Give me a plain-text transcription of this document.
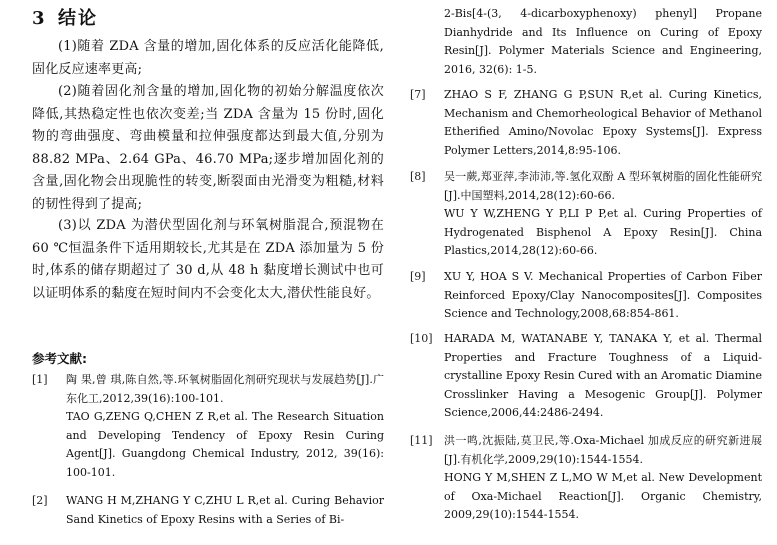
3 结论

(1)随着 ZDA 含量的增加,固化体系的反应活化能降低,固化反应速率更高;

(2)随着固化剂含量的增加,固化物的初始分解温度依次降低,其热稳定性也依次变差;当 ZDA 含量为 15 份时,固化物的弯曲强度、弯曲模量和拉伸强度都达到最大值,分别为 88.82 MPa、2.64 GPa、46.70 MPa;逐步增加固化剂的含量,固化物会出现脆性的转变,断裂面由光滑变为粗糙,材料的韧性得到了提高;

(3)以 ZDA 为潜伏型固化剂与环氧树脂混合,预混物在 60 ℃恒温条件下适用期较长,尤其是在 ZDA 添加量为 5 份时,体系的储存期超过了 30 d,从 48 h 黏度增长测试中也可以证明体系的黏度在短时间内不会变化太大,潜伏性能良好。

参考文献:
[1]	陶 果,曾 琪,陈自然,等.环氧树脂固化剂研究现状与发展趋势[J].广东化工,2012,39(16):100-101.
TAO G,ZENG Q,CHEN Z R,et al. The Research Situation and Developing Tendency of Epoxy Resin Curing Agent[J]. Guangdong Chemical Industry, 2012, 39(16): 100-101.
[2]	WANG H M,ZHANG Y C,ZHU L R,et al. Curing Behavior Sand Kinetics of Epoxy Resins with a Series of Bi-
2-Bis[4-(3, 4-dicarboxyphenoxy) phenyl] Propane Dianhydride and Its Influence on Curing of Epoxy Resin[J]. Polymer Materials Science and Engineering, 2016, 32(6): 1-5.
[7]	ZHAO S F, ZHANG G P,SUN R,et al. Curing Kinetics, Mechanism and Chemorheological Behavior of Methanol Etherified Amino/Novolac Epoxy Systems[J]. Express Polymer Letters,2014,8:95-106.
[8]	吴一蕨,郑亚萍,李沛沛,等.氢化双酚 A 型环氧树脂的固化性能研究[J].中国塑料,2014,28(12):60-66.
WU Y W,ZHENG Y P,LI P P,et al. Curing Properties of Hydrogenated Bisphenol A Epoxy Resin[J]. China Plastics,2014,28(12):60-66.
[9]	XU Y, HOA S V. Mechanical Properties of Carbon Fiber Reinforced Epoxy/Clay Nanocomposites[J]. Composites Science and Technology,2008,68:854-861.
[10]	HARADA M, WATANABE Y, TANAKA Y, et al. Thermal Properties and Fracture Toughness of a Liquid-crystalline Epoxy Resin Cured with an Aromatic Diamine Crosslinker Having a Mesogenic Group[J]. Polymer Science,2006,44:2486-2494.
[11]	洪一鸣,沈振陆,莫卫民,等.Oxa-Michael 加成反应的研究新进展[J].有机化学,2009,29(10):1544-1554.
HONG Y M,SHEN Z L,MO W M,et al. New Development of Oxa-Michael Reaction[J]. Organic Chemistry, 2009,29(10):1544-1554.
